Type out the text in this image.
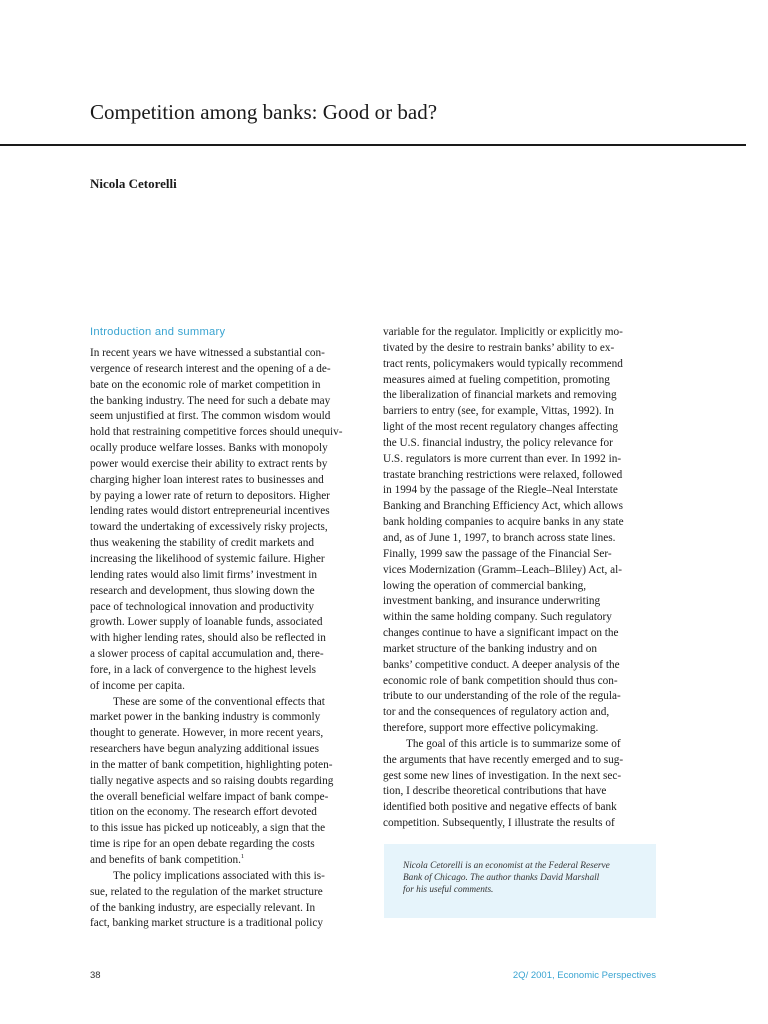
Competition among banks: Good or bad?
Nicola Cetorelli
Introduction and summary
In recent years we have witnessed a substantial con-
vergence of research interest and the opening of a de-
bate on the economic role of market competition in
the banking industry. The need for such a debate may
seem unjustified at first. The common wisdom would
hold that restraining competitive forces should unequiv-
ocally produce welfare losses. Banks with monopoly
power would exercise their ability to extract rents by
charging higher loan interest rates to businesses and
by paying a lower rate of return to depositors. Higher
lending rates would distort entrepreneurial incentives
toward the undertaking of excessively risky projects,
thus weakening the stability of credit markets and
increasing the likelihood of systemic failure. Higher
lending rates would also limit firms’ investment in
research and development, thus slowing down the
pace of technological innovation and productivity
growth. Lower supply of loanable funds, associated
with higher lending rates, should also be reflected in
a slower process of capital accumulation and, there-
fore, in a lack of convergence to the highest levels
of income per capita.
These are some of the conventional effects that
market power in the banking industry is commonly
thought to generate. However, in more recent years,
researchers have begun analyzing additional issues
in the matter of bank competition, highlighting poten-
tially negative aspects and so raising doubts regarding
the overall beneficial welfare impact of bank compe-
tition on the economy. The research effort devoted
to this issue has picked up noticeably, a sign that the
time is ripe for an open debate regarding the costs
and benefits of bank competition.$^1$
The policy implications associated with this is-
sue, related to the regulation of the market structure
of the banking industry, are especially relevant. In
fact, banking market structure is a traditional policy
variable for the regulator. Implicitly or explicitly mo-
tivated by the desire to restrain banks’ ability to ex-
tract rents, policymakers would typically recommend
measures aimed at fueling competition, promoting
the liberalization of financial markets and removing
barriers to entry (see, for example, Vittas, 1992). In
light of the most recent regulatory changes affecting
the U.S. financial industry, the policy relevance for
U.S. regulators is more current than ever. In 1992 in-
trastate branching restrictions were relaxed, followed
in 1994 by the passage of the Riegle–Neal Interstate
Banking and Branching Efficiency Act, which allows
bank holding companies to acquire banks in any state
and, as of June 1, 1997, to branch across state lines.
Finally, 1999 saw the passage of the Financial Ser-
vices Modernization (Gramm–Leach–Bliley) Act, al-
lowing the operation of commercial banking,
investment banking, and insurance underwriting
within the same holding company. Such regulatory
changes continue to have a significant impact on the
market structure of the banking industry and on
banks’ competitive conduct. A deeper analysis of the
economic role of bank competition should thus con-
tribute to our understanding of the role of the regula-
tor and the consequences of regulatory action and,
therefore, support more effective policymaking.
The goal of this article is to summarize some of
the arguments that have recently emerged and to sug-
gest some new lines of investigation. In the next sec-
tion, I describe theoretical contributions that have
identified both positive and negative effects of bank
competition. Subsequently, I illustrate the results of
Nicola Cetorelli is an economist at the Federal Reserve
Bank of Chicago. The author thanks David Marshall
for his useful comments.
38	2Q/ 2001, Economic Perspectives
